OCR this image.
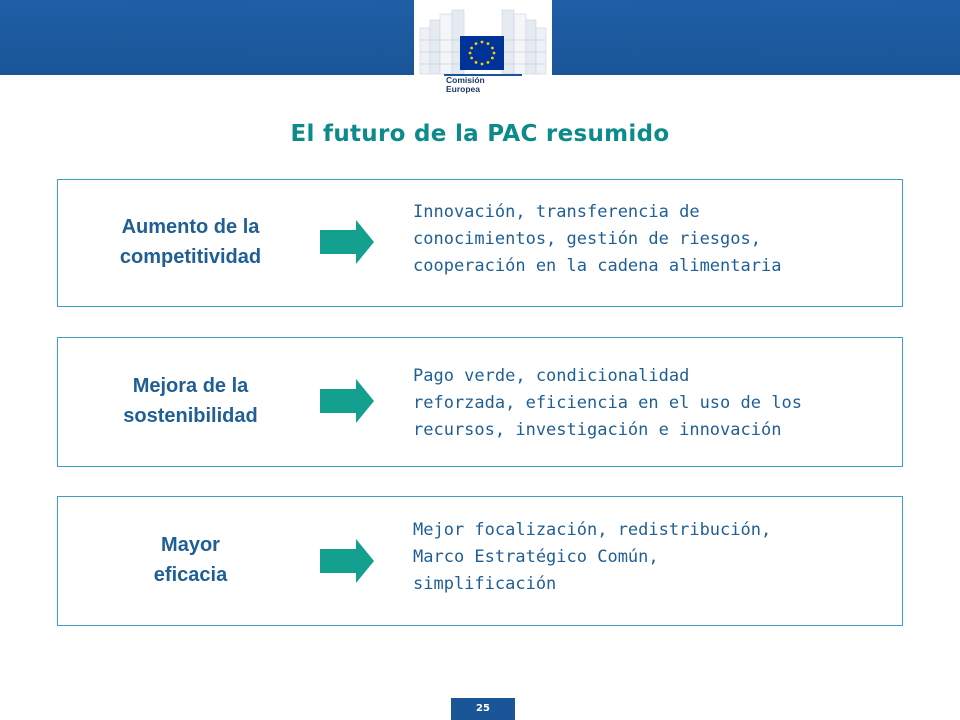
Comisión
Europea
El futuro de la PAC resumido
Aumento de la
competitividad
Innovación, transferencia de
conocimientos, gestión de riesgos,
cooperación en la cadena alimentaria
Mejora de la
sostenibilidad
Pago verde, condicionalidad
reforzada, eficiencia en el uso de los
recursos, investigación e innovación
Mayor
eficacia
Mejor focalización, redistribución,
Marco Estratégico Común,
simplificación
25
